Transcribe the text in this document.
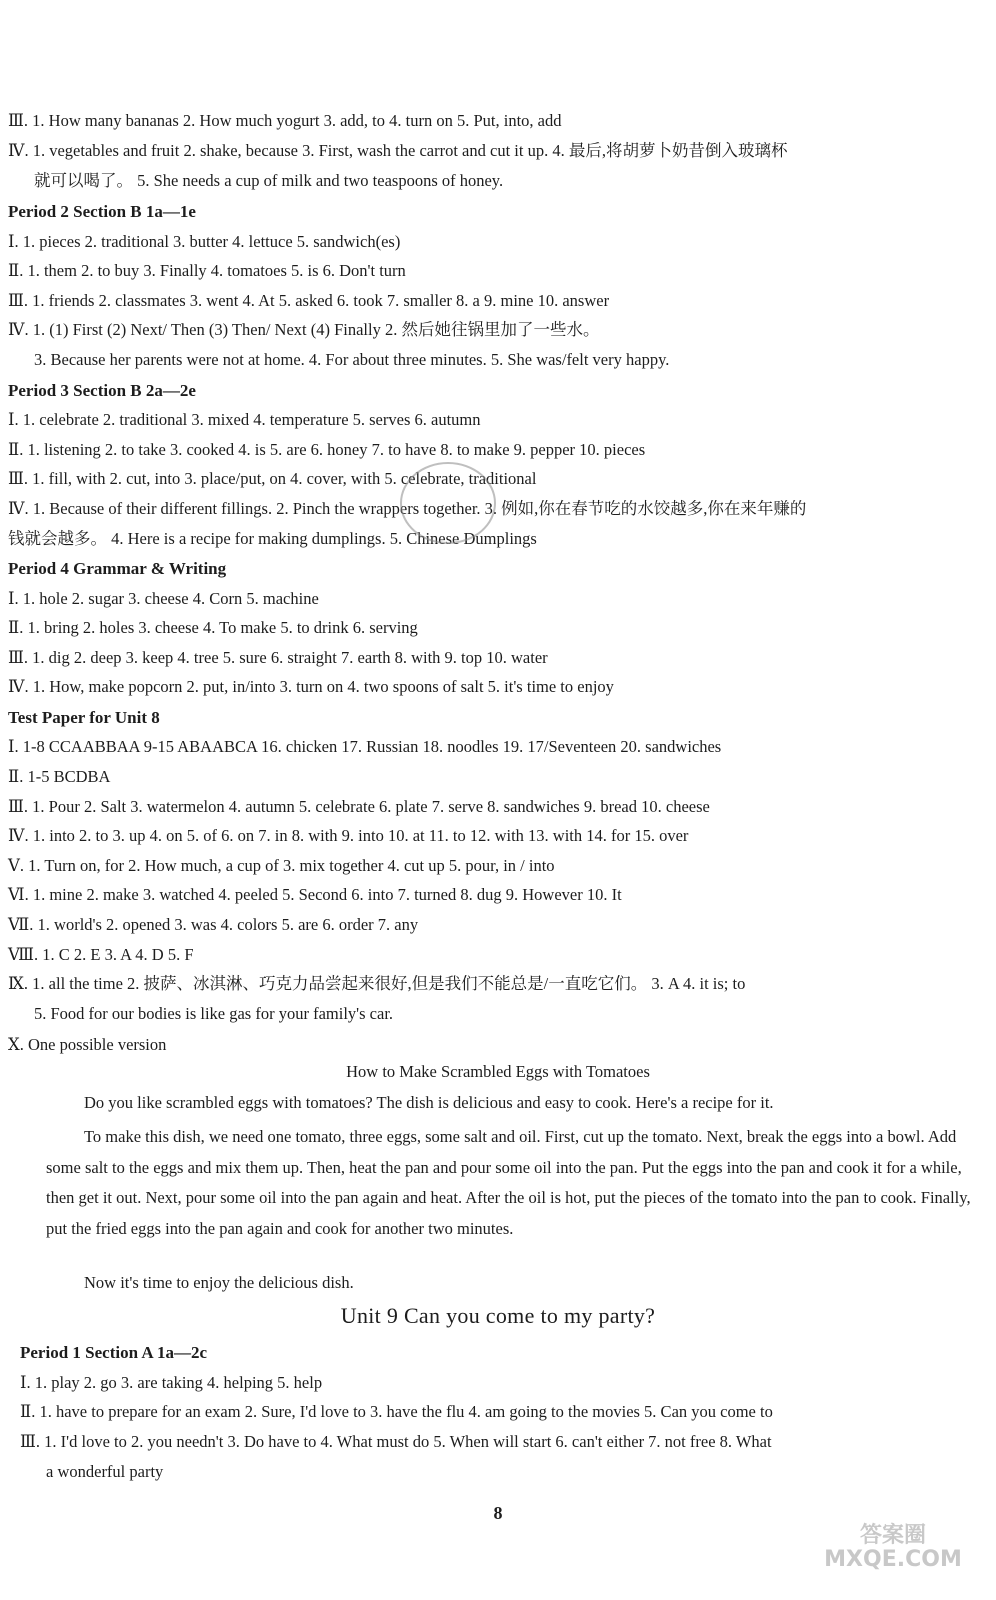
Ⅲ. 1. How many bananas 2. How much yogurt 3. add, to 4. turn on 5. Put, into, add
Ⅳ. 1. vegetables and fruit 2. shake, because 3. First, wash the carrot and cut it up. 4. 最后,将胡萝卜奶昔倒入玻璃杯
就可以喝了。 5. She needs a cup of milk and two teaspoons of honey.
Period 2 Section B 1a—1e
Ⅰ. 1. pieces 2. traditional 3. butter 4. lettuce 5. sandwich(es)
Ⅱ. 1. them 2. to buy 3. Finally 4. tomatoes 5. is 6. Don't turn
Ⅲ. 1. friends 2. classmates 3. went 4. At 5. asked 6. took 7. smaller 8. a 9. mine 10. answer
Ⅳ. 1. (1) First (2) Next/ Then (3) Then/ Next (4) Finally 2. 然后她往锅里加了一些水。
3. Because her parents were not at home. 4. For about three minutes. 5. She was/felt very happy.
Period 3 Section B 2a—2e
Ⅰ. 1. celebrate 2. traditional 3. mixed 4. temperature 5. serves 6. autumn
Ⅱ. 1. listening 2. to take 3. cooked 4. is 5. are 6. honey 7. to have 8. to make 9. pepper 10. pieces
Ⅲ. 1. fill, with 2. cut, into 3. place/put, on 4. cover, with 5. celebrate, traditional
Ⅳ. 1. Because of their different fillings. 2. Pinch the wrappers together. 3. 例如,你在春节吃的水饺越多,你在来年赚的
钱就会越多。 4. Here is a recipe for making dumplings. 5. Chinese Dumplings
Period 4 Grammar & Writing
Ⅰ. 1. hole 2. sugar 3. cheese 4. Corn 5. machine
Ⅱ. 1. bring 2. holes 3. cheese 4. To make 5. to drink 6. serving
Ⅲ. 1. dig 2. deep 3. keep 4. tree 5. sure 6. straight 7. earth 8. with 9. top 10. water
Ⅳ. 1. How, make popcorn 2. put, in/into 3. turn on 4. two spoons of salt 5. it's time to enjoy
Test Paper for Unit 8
Ⅰ. 1-8 CCAABBAA 9-15 ABAABCA 16. chicken 17. Russian 18. noodles 19. 17/Seventeen 20. sandwiches
Ⅱ. 1-5 BCDBA
Ⅲ. 1. Pour 2. Salt 3. watermelon 4. autumn 5. celebrate 6. plate 7. serve 8. sandwiches 9. bread 10. cheese
Ⅳ. 1. into 2. to 3. up 4. on 5. of 6. on 7. in 8. with 9. into 10. at 11. to 12. with 13. with 14. for 15. over
Ⅴ. 1. Turn on, for 2. How much, a cup of 3. mix together 4. cut up 5. pour, in / into
Ⅵ. 1. mine 2. make 3. watched 4. peeled 5. Second 6. into 7. turned 8. dug 9. However 10. It
Ⅶ. 1. world's 2. opened 3. was 4. colors 5. are 6. order 7. any
Ⅷ. 1. C 2. E 3. A 4. D 5. F
Ⅸ. 1. all the time 2. 披萨、冰淇淋、巧克力品尝起来很好,但是我们不能总是/一直吃它们。 3. A 4. it is; to
5. Food for our bodies is like gas for your family's car.
Ⅹ. One possible version
How to Make Scrambled Eggs with Tomatoes
Do you like scrambled eggs with tomatoes? The dish is delicious and easy to cook. Here's a recipe for it.
To make this dish, we need one tomato, three eggs, some salt and oil. First, cut up the tomato. Next, break the eggs into a bowl. Add some salt to the eggs and mix them up. Then, heat the pan and pour some oil into the pan. Put the eggs into the pan and cook it for a while, then get it out. Next, pour some oil into the pan again and heat. After the oil is hot, put the pieces of the tomato into the pan to cook. Finally, put the fried eggs into the pan again and cook for another two minutes.
Now it's time to enjoy the delicious dish.
Unit 9 Can you come to my party?
Period 1 Section A 1a—2c
Ⅰ. 1. play 2. go 3. are taking 4. helping 5. help
Ⅱ. 1. have to prepare for an exam 2. Sure, I'd love to 3. have the flu 4. am going to the movies 5. Can you come to
Ⅲ. 1. I'd love to 2. you needn't 3. Do have to 4. What must do 5. When will start 6. can't either 7. not free 8. What
a wonderful party
8
答案圈
MXQE.COM
